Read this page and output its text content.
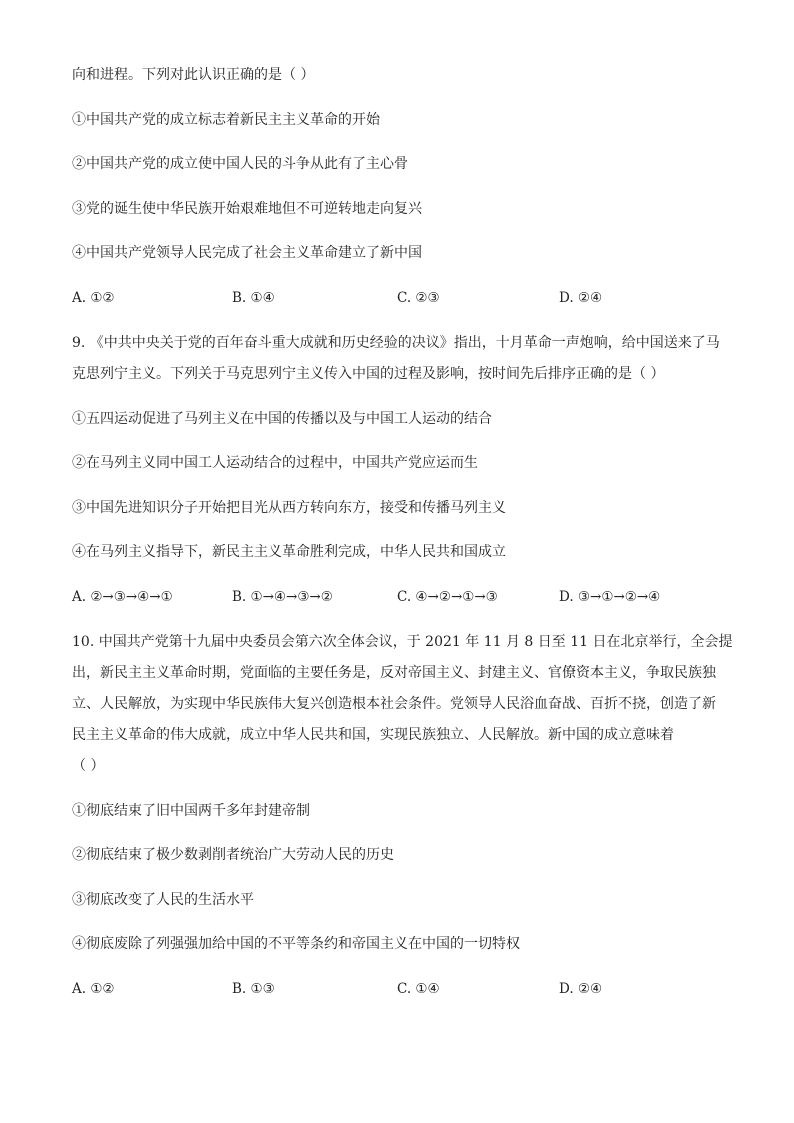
向和进程。下列对此认识正确的是（ ）
①中国共产党的成立标志着新民主主义革命的开始
②中国共产党的成立使中国人民的斗争从此有了主心骨
③党的诞生使中华民族开始艰难地但不可逆转地走向复兴
④中国共产党领导人民完成了社会主义革命建立了新中国
A. ①②	B. ①④	C. ②③	D. ②④
9. 《中共中央关于党的百年奋斗重大成就和历史经验的决议》指出，十月革命一声炮响，给中国送来了马
克思列宁主义。下列关于马克思列宁主义传入中国的过程及影响，按时间先后排序正确的是（ ）
①五四运动促进了马列主义在中国的传播以及与中国工人运动的结合
②在马列主义同中国工人运动结合的过程中，中国共产党应运而生
③中国先进知识分子开始把目光从西方转向东方，接受和传播马列主义
④在马列主义指导下，新民主主义革命胜利完成，中华人民共和国成立
A. ②→③→④→①	B. ①→④→③→②	C. ④→②→①→③	D. ③→①→②→④
10. 中国共产党第十九届中央委员会第六次全体会议，于 2021 年 11 月 8 日至 11 日在北京举行，全会提
出，新民主主义革命时期，党面临的主要任务是，反对帝国主义、封建主义、官僚资本主义，争取民族独
立、人民解放，为实现中华民族伟大复兴创造根本社会条件。党领导人民浴血奋战、百折不挠，创造了新
民主主义革命的伟大成就，成立中华人民共和国，实现民族独立、人民解放。新中国的成立意味着
（ ）
①彻底结束了旧中国两千多年封建帝制
②彻底结束了极少数剥削者统治广大劳动人民的历史
③彻底改变了人民的生活水平
④彻底废除了列强强加给中国的不平等条约和帝国主义在中国的一切特权
A. ①②	B. ①③	C. ①④	D. ②④
